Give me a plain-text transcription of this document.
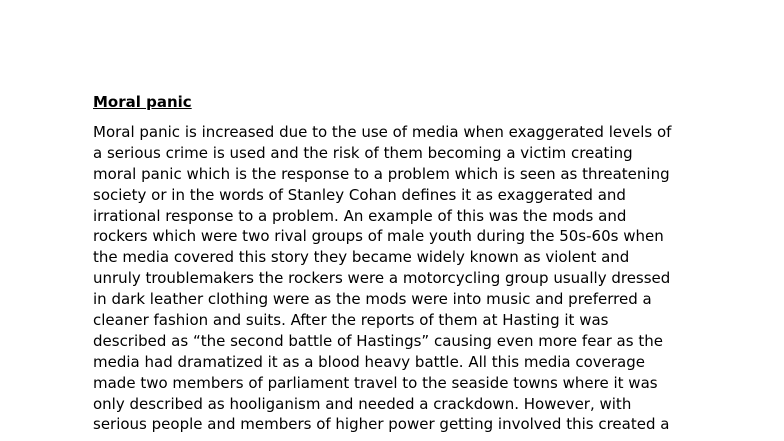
Moral panic
Moral panic is increased due to the use of media when exaggerated levels of
a serious crime is used and the risk of them becoming a victim creating
moral panic which is the response to a problem which is seen as threatening
society or in the words of Stanley Cohan defines it as exaggerated and
irrational response to a problem. An example of this was the mods and
rockers which were two rival groups of male youth during the 50s-60s when
the media covered this story they became widely known as violent and
unruly troublemakers the rockers were a motorcycling group usually dressed
in dark leather clothing were as the mods were into music and preferred a
cleaner fashion and suits. After the reports of them at Hasting it was
described as “the second battle of Hastings” causing even more fear as the
media had dramatized it as a blood heavy battle. All this media coverage
made two members of parliament travel to the seaside towns where it was
only described as hooliganism and needed a crackdown. However, with
serious people and members of higher power getting involved this created a
